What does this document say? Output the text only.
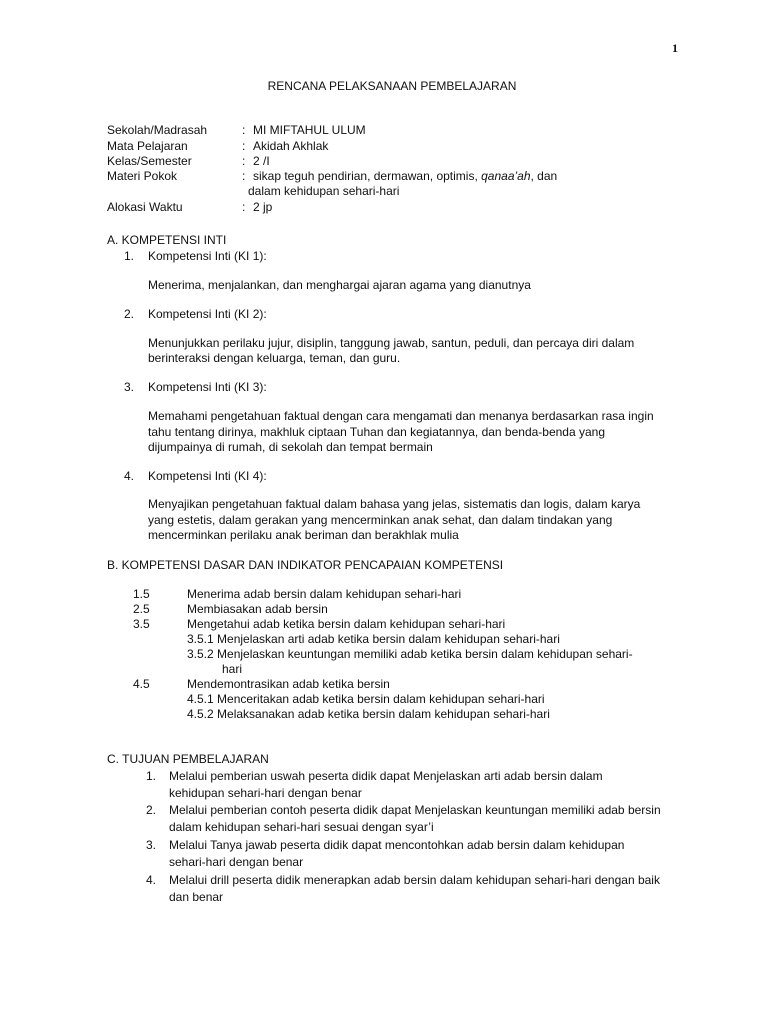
1
RENCANA PELAKSANAAN PEMBELAJARAN
Sekolah/Madrasah	: MI MIFTAHUL ULUM
Mata Pelajaran	: Akidah Akhlak
Kelas/Semester	: 2 /I
Materi Pokok	: sikap teguh pendirian, dermawan, optimis, qanaa’ah, dan
dalam kehidupan sehari-hari
Alokasi Waktu	: 2 jp
A. KOMPETENSI INTI
1. Kompetensi Inti (KI 1):
Menerima, menjalankan, dan menghargai ajaran agama yang dianutnya
2. Kompetensi Inti (KI 2):
Menunjukkan perilaku jujur, disiplin, tanggung jawab, santun, peduli, dan percaya diri dalam
berinteraksi dengan keluarga, teman, dan guru.
3. Kompetensi Inti (KI 3):
Memahami pengetahuan faktual dengan cara mengamati dan menanya berdasarkan rasa ingin
tahu tentang dirinya, makhluk ciptaan Tuhan dan kegiatannya, dan benda-benda yang
dijumpainya di rumah, di sekolah dan tempat bermain
4. Kompetensi Inti (KI 4):
Menyajikan pengetahuan faktual dalam bahasa yang jelas, sistematis dan logis, dalam karya
yang estetis, dalam gerakan yang mencerminkan anak sehat, dan dalam tindakan yang
mencerminkan perilaku anak beriman dan berakhlak mulia
B. KOMPETENSI DASAR DAN INDIKATOR PENCAPAIAN KOMPETENSI
1.5	Menerima adab bersin dalam kehidupan sehari-hari
2.5	Membiasakan adab bersin
3.5	Mengetahui adab ketika bersin dalam kehidupan sehari-hari
3.5.1 Menjelaskan arti adab ketika bersin dalam kehidupan sehari-hari
3.5.2 Menjelaskan keuntungan memiliki adab ketika bersin dalam kehidupan sehari-
hari
4.5	Mendemontrasikan adab ketika bersin
4.5.1 Menceritakan adab ketika bersin dalam kehidupan sehari-hari
4.5.2 Melaksanakan adab ketika bersin dalam kehidupan sehari-hari
C. TUJUAN PEMBELAJARAN
1. Melalui pemberian uswah peserta didik dapat Menjelaskan arti adab bersin dalam
kehidupan sehari-hari dengan benar
2. Melalui pemberian contoh peserta didik dapat Menjelaskan keuntungan memiliki adab bersin
dalam kehidupan sehari-hari sesuai dengan syar’i
3. Melalui Tanya jawab peserta didik dapat mencontohkan adab bersin dalam kehidupan
sehari-hari dengan benar
4. Melalui drill peserta didik menerapkan adab bersin dalam kehidupan sehari-hari dengan baik
dan benar
